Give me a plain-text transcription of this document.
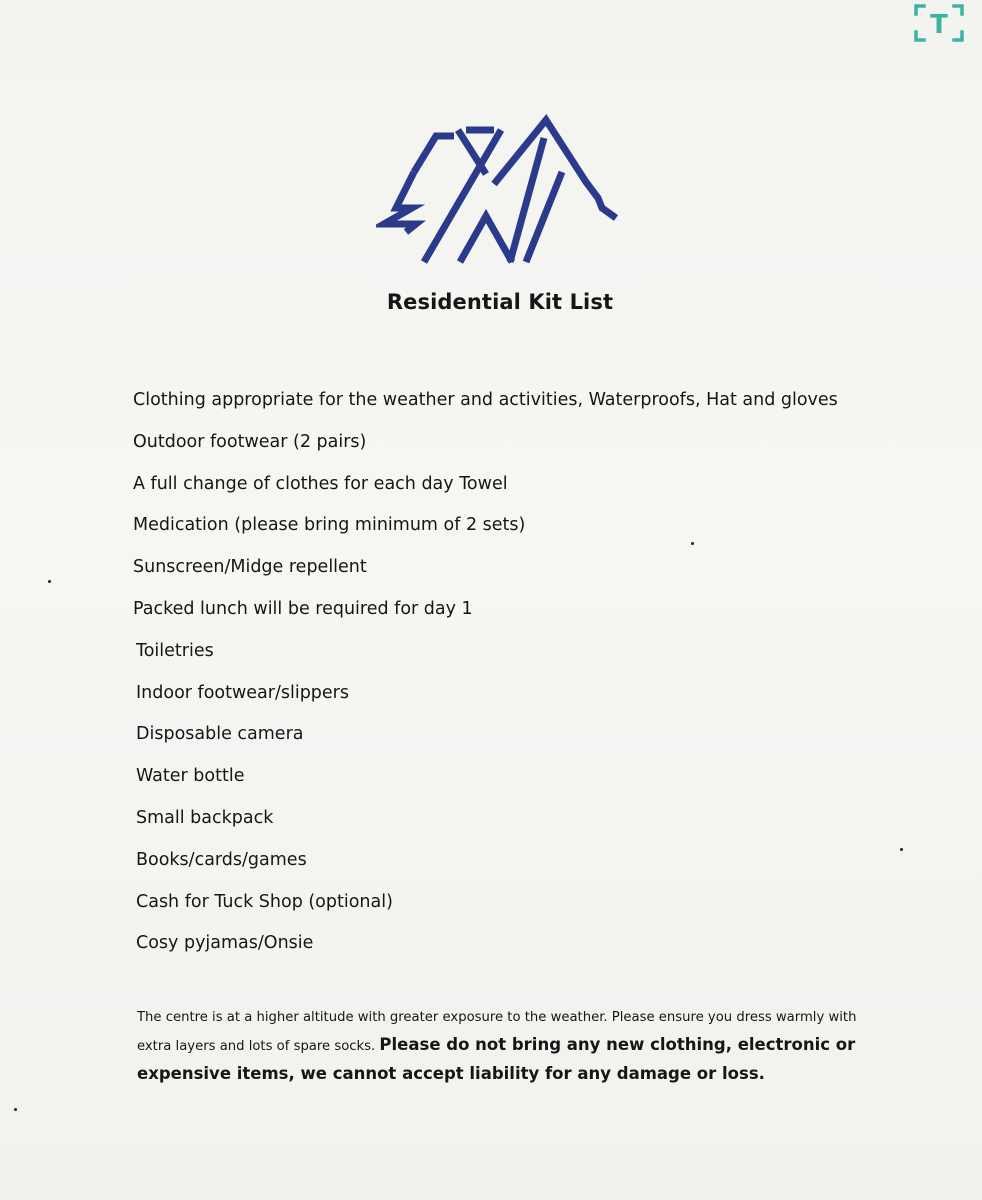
T
Residential Kit List
Clothing appropriate for the weather and activities, Waterproofs, Hat and gloves
Outdoor footwear (2 pairs)
A full change of clothes for each day Towel
Medication (please bring minimum of 2 sets)
Sunscreen/Midge repellent
Packed lunch will be required for day 1
Toiletries
Indoor footwear/slippers
Disposable camera
Water bottle
Small backpack
Books/cards/games
Cash for Tuck Shop (optional)
Cosy pyjamas/Onsie
The centre is at a higher altitude with greater exposure to the weather. Please ensure you dress warmly with extra layers and lots of spare socks. Please do not bring any new clothing, electronic or expensive items, we cannot accept liability for any damage or loss.
